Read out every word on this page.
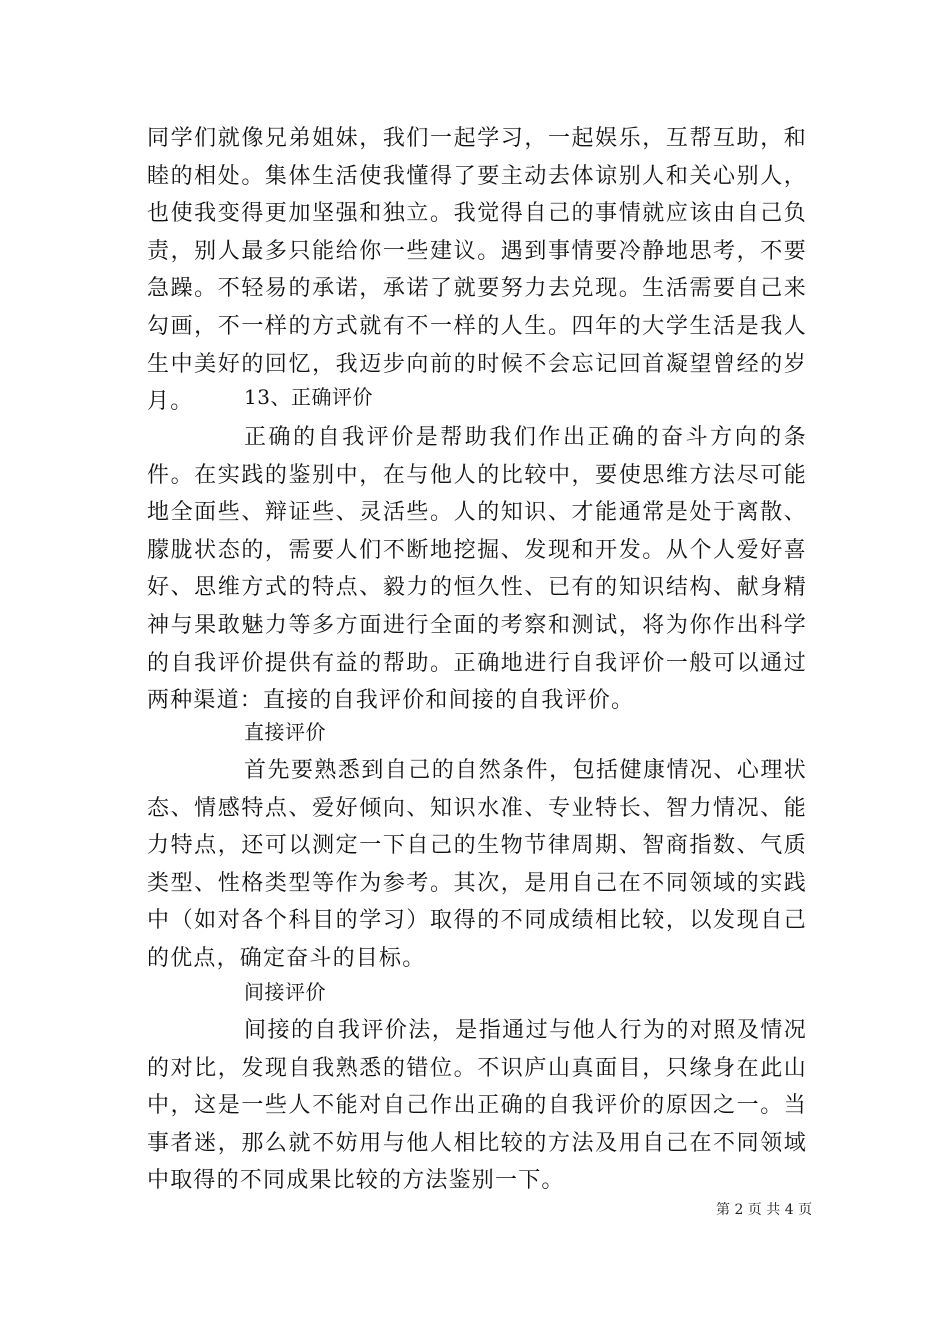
同学们就像兄弟姐妹，我们一起学习，一起娱乐，互帮互助，和睦的相处。集体生活使我懂得了要主动去体谅别人和关心别人，也使我变得更加坚强和独立。我觉得自己的事情就应该由自己负责，别人最多只能给你一些建议。遇到事情要冷静地思考，不要急躁。不轻易的承诺，承诺了就要努力去兑现。生活需要自己来勾画，不一样的方式就有不一样的人生。四年的大学生活是我人生中美好的回忆，我迈步向前的时候不会忘记回首凝望曾经的岁月。	13、正确评价
正确的自我评价是帮助我们作出正确的奋斗方向的条件。在实践的鉴别中，在与他人的比较中，要使思维方法尽可能地全面些、辩证些、灵活些。人的知识、才能通常是处于离散、朦胧状态的，需要人们不断地挖掘、发现和开发。从个人爱好喜好、思维方式的特点、毅力的恒久性、已有的知识结构、献身精神与果敢魅力等多方面进行全面的考察和测试，将为你作出科学的自我评价提供有益的帮助。正确地进行自我评价一般可以通过两种渠道：直接的自我评价和间接的自我评价。
直接评价
首先要熟悉到自己的自然条件，包括健康情况、心理状态、情感特点、爱好倾向、知识水准、专业特长、智力情况、能力特点，还可以测定一下自己的生物节律周期、智商指数、气质类型、性格类型等作为参考。其次，是用自己在不同领域的实践中（如对各个科目的学习）取得的不同成绩相比较，以发现自己的优点，确定奋斗的目标。
间接评价
间接的自我评价法，是指通过与他人行为的对照及情况的对比，发现自我熟悉的错位。不识庐山真面目，只缘身在此山中，这是一些人不能对自己作出正确的自我评价的原因之一。当事者迷，那么就不妨用与他人相比较的方法及用自己在不同领域中取得的不同成果比较的方法鉴别一下。
第 2 页 共 4 页
